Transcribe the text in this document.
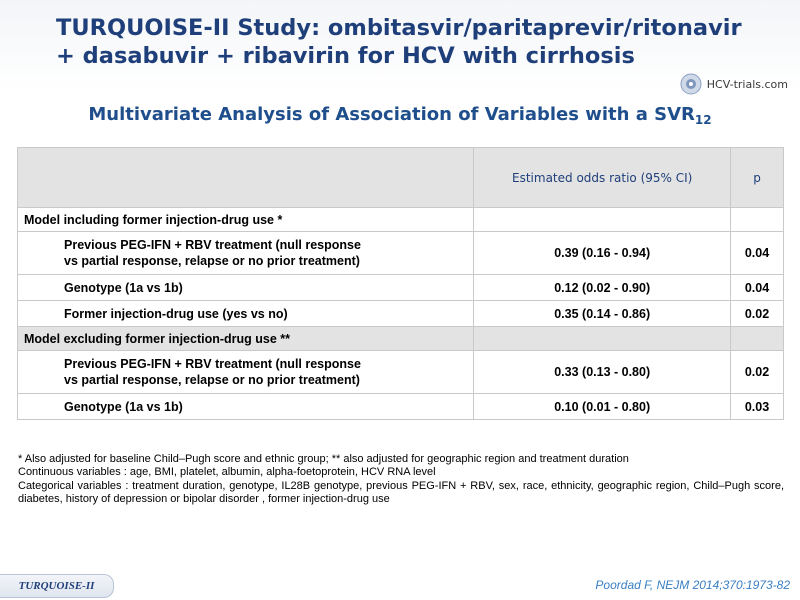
TURQUOISE-II Study: ombitasvir/paritaprevir/ritonavir
+ dasabuvir + ribavirin for HCV with cirrhosis
HCV-trials.com
Multivariate Analysis of Association of Variables with a $SVR_{12}$
	Estimated odds ratio (95% CI)	p
Model including former injection-drug use *		
Previous PEG-IFN + RBV treatment (null response
vs partial response, relapse or no prior treatment)	0.39 (0.16 - 0.94)	0.04
Genotype (1a vs 1b)	0.12 (0.02 - 0.90)	0.04
Former injection-drug use (yes vs no)	0.35 (0.14 - 0.86)	0.02
Model excluding former injection-drug use **		
Previous PEG-IFN + RBV treatment (null response
vs partial response, relapse or no prior treatment)	0.33 (0.13 - 0.80)	0.02
Genotype (1a vs 1b)	0.10 (0.01 - 0.80)	0.03

* Also adjusted for baseline Child–Pugh score and ethnic group; ** also adjusted for geographic region and treatment duration

Continuous variables : age, BMI, platelet, albumin, alpha-foetoprotein, HCV RNA level

Categorical variables : treatment duration, genotype, IL28B genotype, previous PEG-IFN + RBV, sex, race, ethnicity, geographic region, Child–Pugh score, diabetes, history of depression or bipolar disorder , former injection-drug use

TURQUOISE-II	Poordad F, NEJM 2014;370:1973-82
